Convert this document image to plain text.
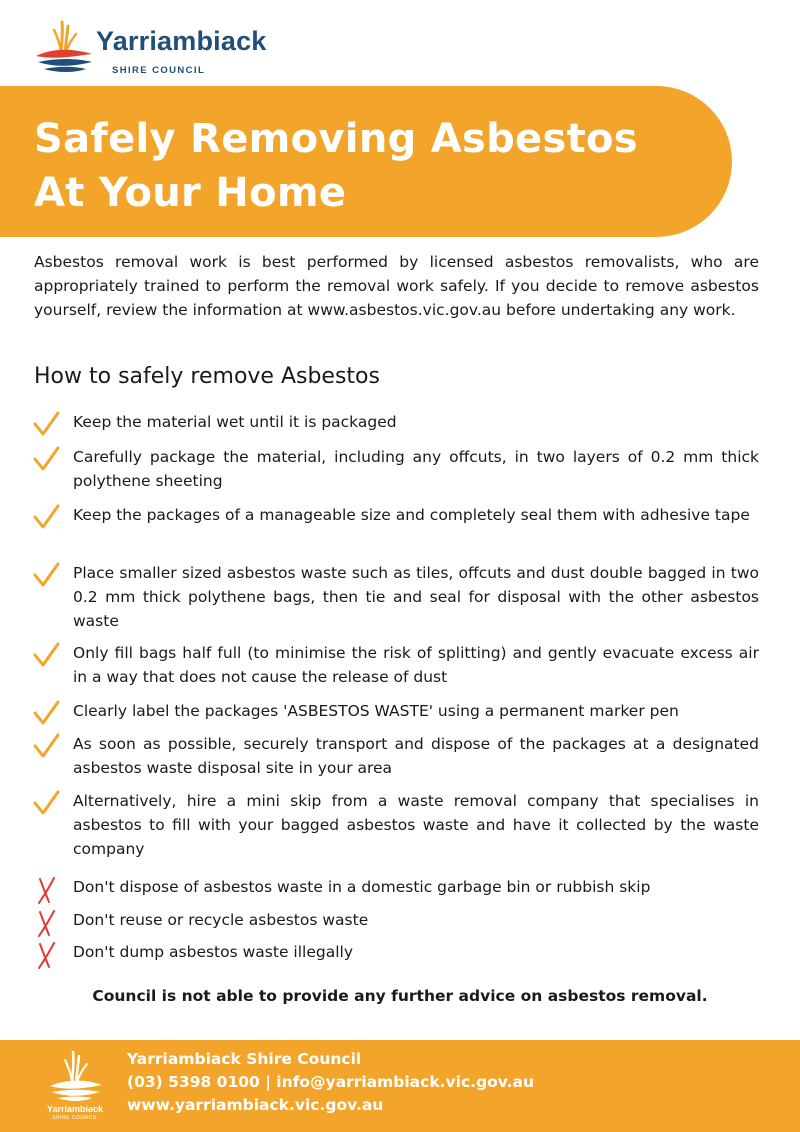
Yarriambiack
SHIRE COUNCIL
Safely Removing Asbestos
At Your Home

Asbestos removal work is best performed by licensed asbestos removalists, who are appropriately trained to perform the removal work safely. If you decide to remove asbestos yourself, review the information at www.asbestos.vic.gov.au before undertaking any work.

How to safely remove Asbestos

Keep the material wet until it is packaged

Carefully package the material, including any offcuts, in two layers of 0.2 mm thick polythene sheeting

Keep the packages of a manageable size and completely seal them with adhesive tape

Place smaller sized asbestos waste such as tiles, offcuts and dust double bagged in two 0.2 mm thick polythene bags, then tie and seal for disposal with the other asbestos waste

Only fill bags half full (to minimise the risk of splitting) and gently evacuate excess air in a way that does not cause the release of dust

Clearly label the packages 'ASBESTOS WASTE' using a permanent marker pen

As soon as possible, securely transport and dispose of the packages at a designated asbestos waste disposal site in your area

Alternatively, hire a mini skip from a waste removal company that specialises in asbestos to fill with your bagged asbestos waste and have it collected by the waste company

Don't dispose of asbestos waste in a domestic garbage bin or rubbish skip

Don't reuse or recycle asbestos waste

Don't dump asbestos waste illegally

Council is not able to provide any further advice on asbestos removal.

Yarriambiack
SHIRE COUNCIL
Yarriambiack Shire Council
(03) 5398 0100 | info@yarriambiack.vic.gov.au
www.yarriambiack.vic.gov.au
